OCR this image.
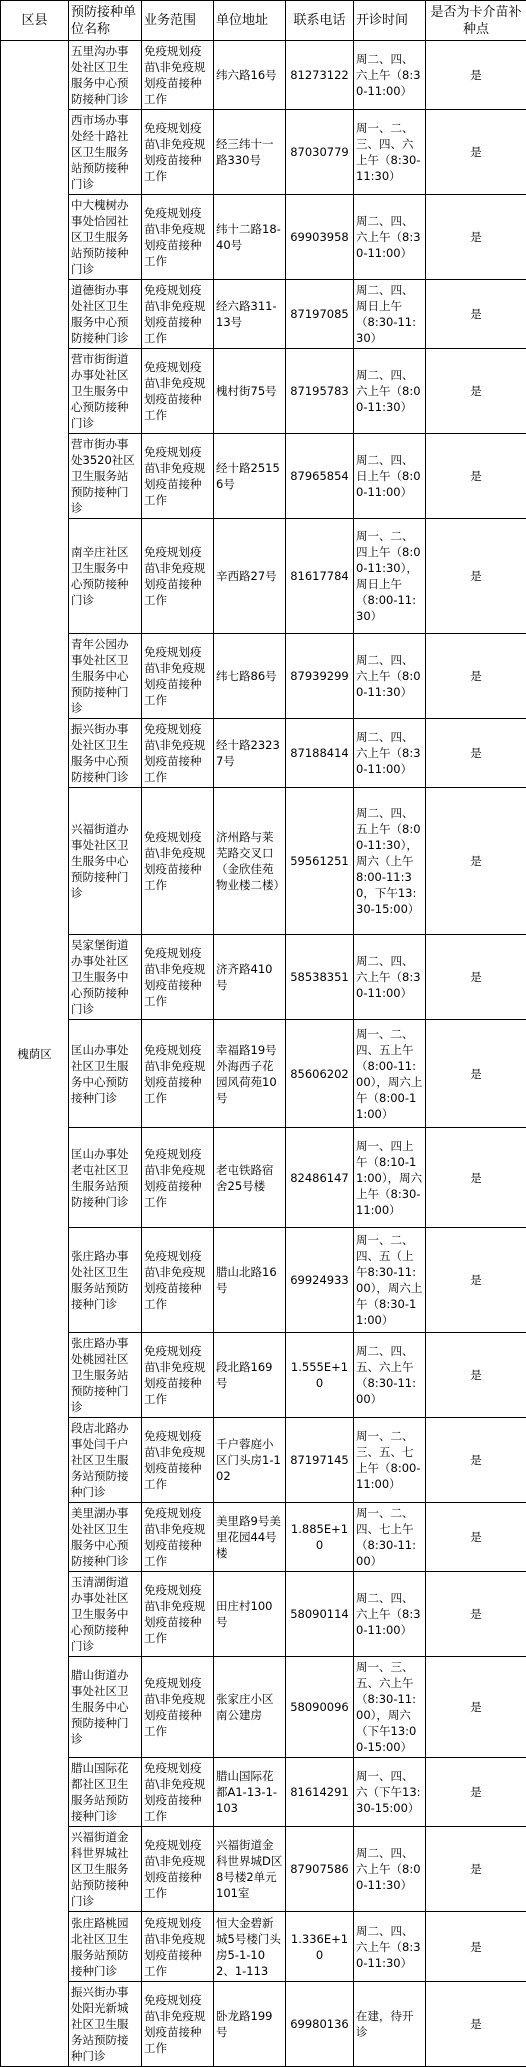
区县	预防接种单位名称	业务范围	单位地址	联系电话	开诊时间	是否为卡介苗补种点
槐荫区	五里沟办事处社区卫生服务中心预防接种门诊	免疫规划疫苗\非免疫规划疫苗接种工作	纬六路16号	81273122	周二、四、六上午（8:30-11:00）	是
	西市场办事处经十路社区卫生服务站预防接种门诊	免疫规划疫苗\非免疫规划疫苗接种工作	经三纬十一路330号	87030779	周一、二、三、四、六上午（8:30-11:30）	是
	中大槐树办事处恰园社区卫生服务站预防接种门诊	免疫规划疫苗\非免疫规划疫苗接种工作	纬十二路18-40号	69903958	周二、四、六上午（8:30-11:00）	是
	道德街办事处社区卫生服务中心预防接种门诊	免疫规划疫苗\非免疫规划疫苗接种工作	经六路311-13号	87197085	周二、四、周日上午（8:30-11:30）	是
	营市街街道办事处社区卫生服务中心预防接种门诊	免疫规划疫苗\非免疫规划疫苗接种工作	槐村街75号	87195783	周二、四、六上午（8:00-11:30）	是
	营市街办事处3520社区卫生服务站预防接种门诊	免疫规划疫苗\非免疫规划疫苗接种工作	经十路25156号	87965854	周二、四、日上午（8:00-11:00）	是
	南辛庄社区卫生服务中心预防接种门诊	免疫规划疫苗\非免疫规划疫苗接种工作	辛西路27号	81617784	周一、二、四上午（8:00-11:30），周日上午（8:00-11:30）	是
	青年公园办事处社区卫生服务中心预防接种门诊	免疫规划疫苗\非免疫规划疫苗接种工作	纬七路86号	87939299	周二、四、六上午（8:00-11:30）	是
	振兴街办事处社区卫生服务中心预防接种门诊	免疫规划疫苗\非免疫规划疫苗接种工作	经十路23237号	87188414	周二、四、六上午（8:30-11:00）	是
	兴福街道办事处社区卫生服务中心预防接种门诊	免疫规划疫苗\非免疫规划疫苗接种工作	济州路与莱芜路交叉口（金欣佳苑物业楼二楼）	59561251	周二、四、五上午（8:00-11:30），周六（上午8:00-11:30，下午13:30-15:00）	是
	吴家堡街道办事处社区卫生服务中心预防接种门诊	免疫规划疫苗\非免疫规划疫苗接种工作	济齐路410号	58538351	周二、四、六上午（8:30-11:00）	是
	匡山办事处社区卫生服务中心预防接种门诊	免疫规划疫苗\非免疫规划疫苗接种工作	幸福路19号外海西子花园风荷苑10号	85606202	周一、二、四、五上午（8:00-11:00），周六上午（8:00-11:00）	是
	匡山办事处老屯社区卫生服务站预防接种门诊	免疫规划疫苗\非免疫规划疫苗接种工作	老屯铁路宿舍25号楼	82486147	周一、四上午（8:10-11:00），周六上午（8:30-11:00）	是
	张庄路办事处社区卫生服务站预防接种门诊	免疫规划疫苗\非免疫规划疫苗接种工作	腊山北路16号	69924933	周一、二、四、五（上午8:30-11:00），周六上午（8:30-11:00）	是
	张庄路办事处桃园社区卫生服务站预防接种门诊	免疫规划疫苗\非免疫规划疫苗接种工作	段北路169号	1.555E+10	周二、四、五、六上午（8:30-11:00）	是
	段店北路办事处闫千户社区卫生服务站预防接种门诊	免疫规划疫苗\非免疫规划疫苗接种工作	千户蓉庭小区门头房1-102	87197145	周一、二、三、五、七上午（8:00-11:00）	是
	美里湖办事处社区卫生服务中心预防接种门诊	免疫规划疫苗\非免疫规划疫苗接种工作	美里路9号美里花园44号楼	1.885E+10	周一、二、四、七上午（8:30-11:00）	是
	玉清湖街道办事处社区卫生服务中心预防接种门诊	免疫规划疫苗\非免疫规划疫苗接种工作	田庄村100号	58090114	周二、四、六上午（8:30-11:00）	是
	腊山街道办事处社区卫生服务中心预防接种门诊	免疫规划疫苗\非免疫规划疫苗接种工作	张家庄小区南公建房	58090096	周一、三、五、六上午（8:30-11:00），周六（下午13:00-15:00）	是
	腊山国际花都社区卫生服务站预防接种门诊	免疫规划疫苗\非免疫规划疫苗接种工作	腊山国际花都A1-13-1-103	81614291	周一、四、六（下午13:30-15:00）	是
	兴福街道金科世界城社区卫生服务站预防接种门诊	免疫规划疫苗\非免疫规划疫苗接种工作	兴福街道金科世界城D区8号楼2单元101室	87907586	周二、四、六上午（8:00-11:30）	是
	张庄路桃园北社区卫生服务站预防接种门诊	免疫规划疫苗\非免疫规划疫苗接种工作	恒大金碧新城5号楼门头房5-1-102、1-113	1.336E+10	周二、四、六上午（8:30-11:30）	是
	振兴街办事处阳光新城社区卫生服务站预防接种门诊	免疫规划疫苗\非免疫规划疫苗接种工作	卧龙路199号	69980136	在建，待开诊	是
